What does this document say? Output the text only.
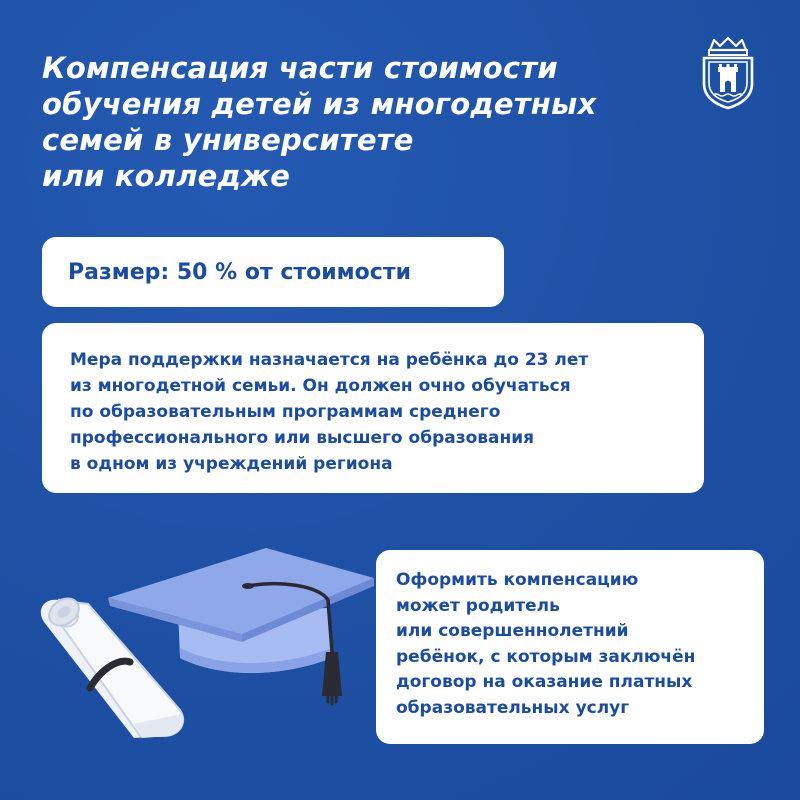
Компенсация части стоимости
обучения детей из многодетных
семей в университете
или колледже
Размер: 50 % от стоимости
Мера поддержки назначается на ребёнка до 23 лет
из многодетной семьи. Он должен очно обучаться
по образовательным программам среднего
профессионального или высшего образования
в одном из учреждений региона
Оформить компенсацию
может родитель
или совершеннолетний
ребёнок, с которым заключён
договор на оказание платных
образовательных услуг
